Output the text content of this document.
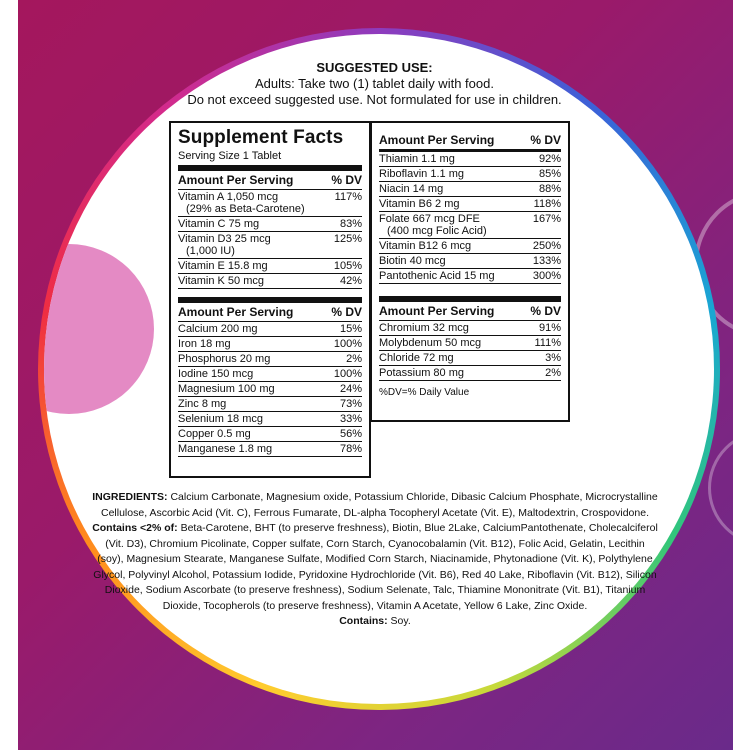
SUGGESTED USE:
Adults: Take two (1) tablet daily with food.
Do not exceed suggested use. Not formulated for use in children.
Supplement Facts
Serving Size 1 Tablet
Amount Per Serving	% DV
Vitamin A 1,050 mcg
(29% as Beta-Carotene)
117%
Vitamin C 75 mg	83%
Vitamin D3 25 mcg
(1,000 IU)
125%
Vitamin E 15.8 mg	105%
Vitamin K 50 mcg	42%
Amount Per Serving	% DV
Calcium 200 mg	15%
Iron 18 mg	100%
Phosphorus 20 mg	2%
Iodine 150 mcg	100%
Magnesium 100 mg	24%
Zinc 8 mg	73%
Selenium 18 mcg	33%
Copper 0.5 mg	56%
Manganese 1.8 mg	78%
Amount Per Serving	% DV
Thiamin 1.1 mg	92%
Riboflavin 1.1 mg	85%
Niacin 14 mg	88%
Vitamin B6 2 mg	118%
Folate 667 mcg DFE
(400 mcg Folic Acid)
167%
Vitamin B12 6 mcg	250%
Biotin 40 mcg	133%
Pantothenic Acid 15 mg	300%
Amount Per Serving	% DV
Chromium 32 mcg	91%
Molybdenum 50 mcg	111%
Chloride 72 mg	3%
Potassium 80 mg	2%
%DV=% Daily Value
INGREDIENTS: Calcium Carbonate, Magnesium oxide, Potassium Chloride, Dibasic Calcium Phosphate, Microcrystalline Cellulose, Ascorbic Acid (Vit. C), Ferrous Fumarate, DL-alpha Tocopheryl Acetate (Vit. E), Maltodextrin, Crospovidone. Contains <2% of: Beta-Carotene, BHT (to preserve freshness), Biotin, Blue 2Lake, CalciumPantothenate, Cholecalciferol (Vit. D3), Chromium Picolinate, Copper sulfate, Corn Starch, Cyanocobalamin (Vit. B12), Folic Acid, Gelatin, Lecithin (soy), Magnesium Stearate, Manganese Sulfate, Modified Corn Starch, Niacinamide, Phytonadione (Vit. K), Polythylene Glycol, Polyvinyl Alcohol, Potassium Iodide, Pyridoxine Hydrochloride (Vit. B6), Red 40 Lake, Riboflavin (Vit. B12), Silicon Dioxide, Sodium Ascorbate (to preserve freshness), Sodium Selenate, Talc, Thiamine Mononitrate (Vit. B1), Titanium Dioxide, Tocopherols (to preserve freshness), Vitamin A Acetate, Yellow 6 Lake, Zinc Oxide.
Contains: Soy.
